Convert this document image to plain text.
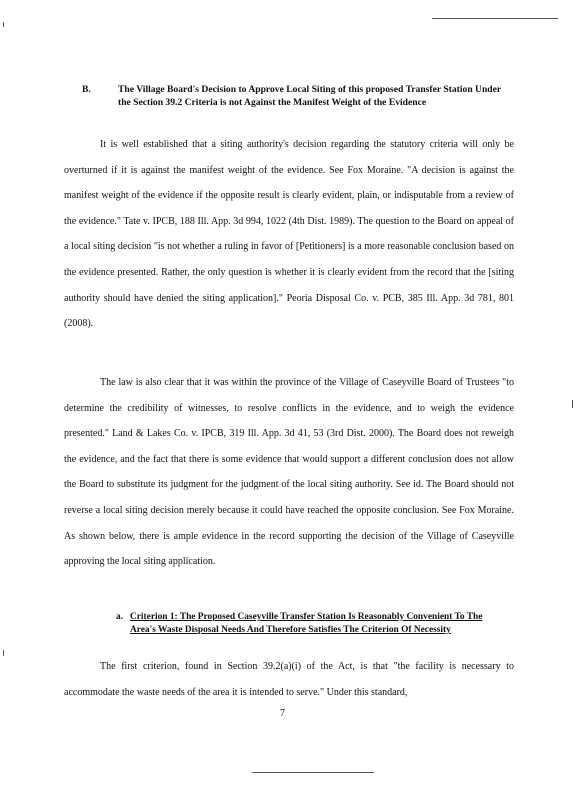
B.	The Village Board's Decision to Approve Local Siting of this proposed Transfer Station Under the Section 39.2 Criteria is not Against the Manifest Weight of the Evidence
It is well established that a siting authority's decision regarding the statutory criteria will only be overturned if it is against the manifest weight of the evidence. See Fox Moraine. "A decision is against the manifest weight of the evidence if the opposite result is clearly evident, plain, or indisputable from a review of the evidence." Tate v. IPCB, 188 Ill. App. 3d 994, 1022 (4th Dist. 1989). The question to the Board on appeal of a local siting decision "is not whether a ruling in favor of [Petitioners] is a more reasonable conclusion based on the evidence presented. Rather, the only question is whether it is clearly evident from the record that the [siting authority should have denied the siting application]." Peoria Disposal Co. v. PCB, 385 Ill. App. 3d 781, 801 (2008).
The law is also clear that it was within the province of the Village of Caseyville Board of Trustees "to determine the credibility of witnesses, to resolve conflicts in the evidence, and to weigh the evidence presented." Land & Lakes Co. v. IPCB, 319 Ill. App. 3d 41, 53 (3rd Dist. 2000). The Board does not reweigh the evidence, and the fact that there is some evidence that would support a different conclusion does not allow the Board to substitute its judgment for the judgment of the local siting authority. See id. The Board should not reverse a local siting decision merely because it could have reached the opposite conclusion. See Fox Moraine. As shown below, there is ample evidence in the record supporting the decision of the Village of Caseyville approving the local siting application.
a. Criterion 1: The Proposed Caseyville Transfer Station Is Reasonably Convenient To The Area's Waste Disposal Needs And Therefore Satisfies The Criterion Of Necessity
The first criterion, found in Section 39.2(a)(i) of the Act, is that "the facility is necessary to accommodate the waste needs of the area it is intended to serve." Under this standard,
7
